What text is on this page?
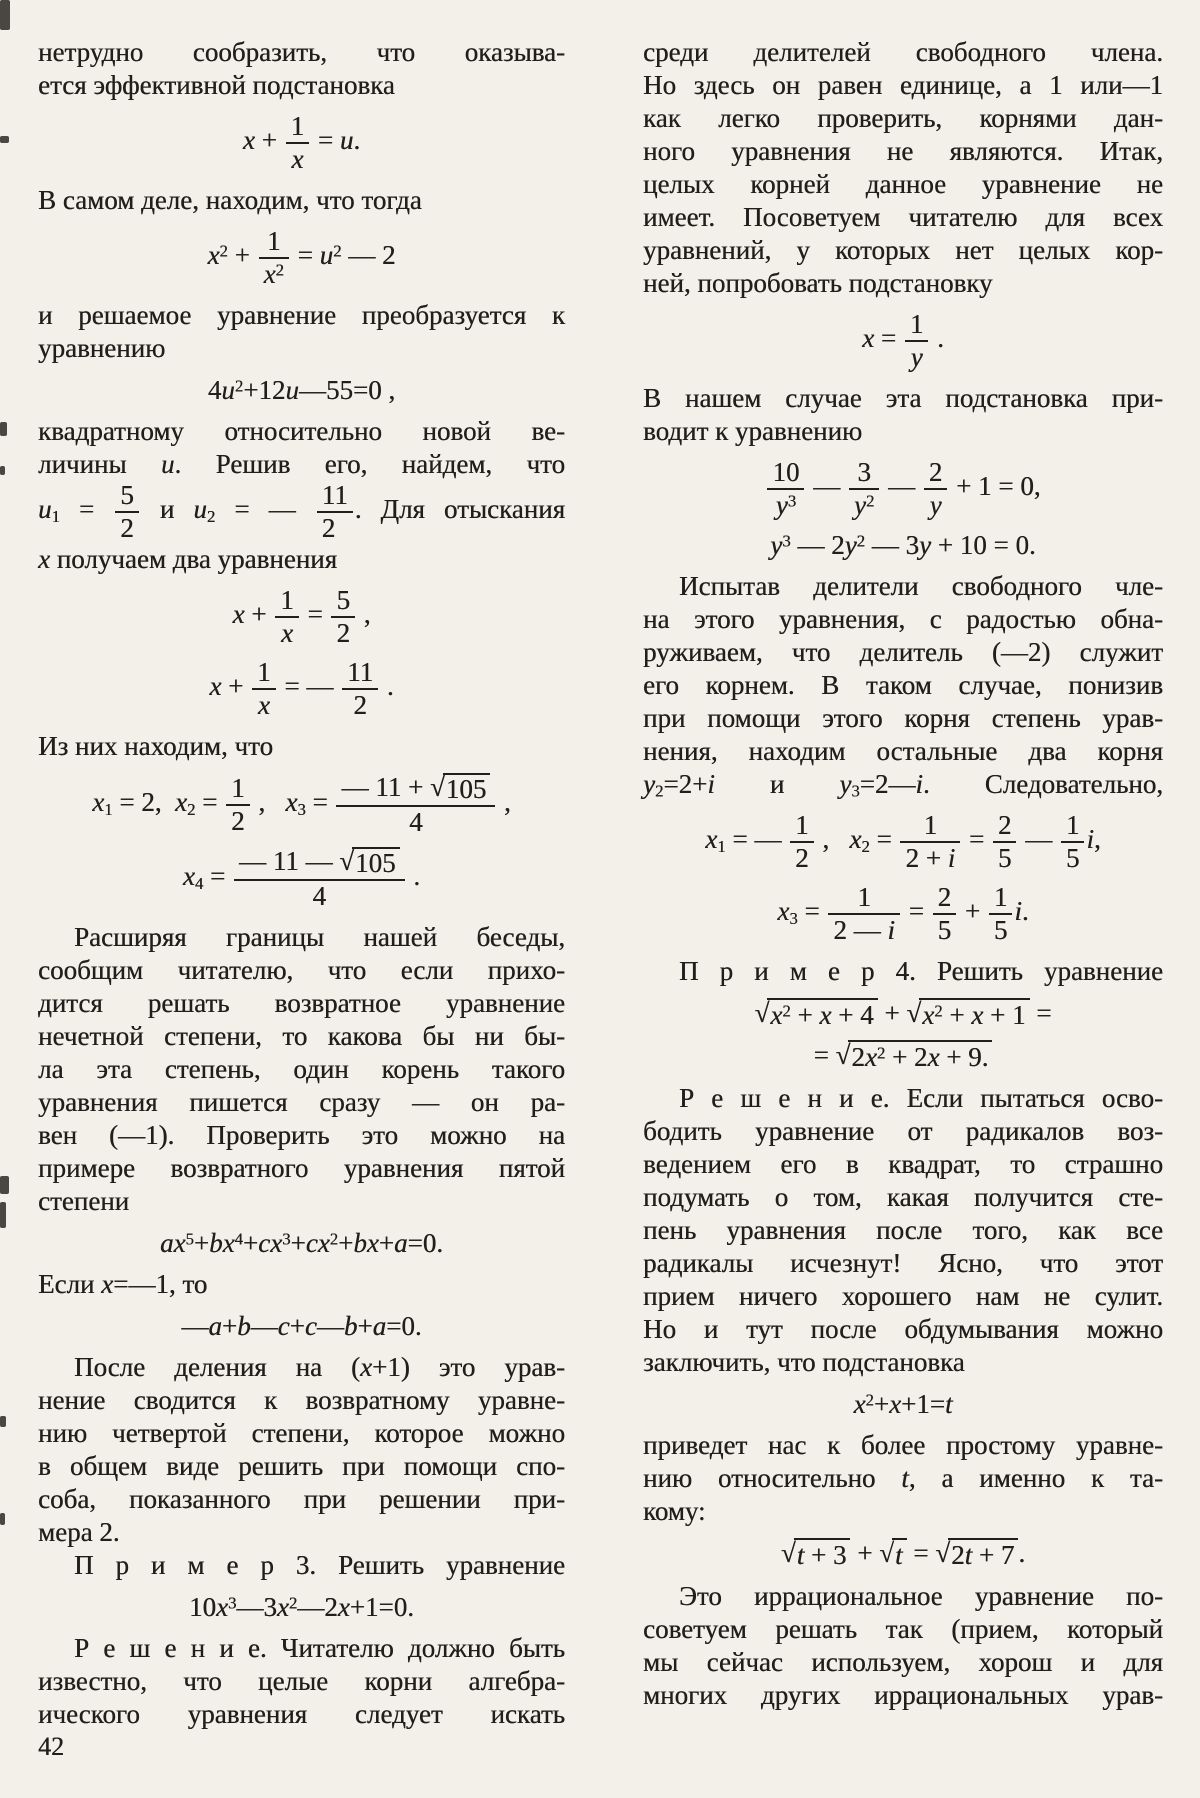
нетрудно сообразить, что оказыва-
ется эффективной подстановка
$x + \frac{1}{x} = u$.
В самом деле, находим, что тогда
$x^2 + \frac{1}{x^2} = u^2$ — 2
и решаемое уравнение преобразуется к
уравнению
$4u^2+12u—55=0$ ,
квадратному относительно новой ве-
личины u. Решив его, найдем, что
$u_1 = \frac{5}{2}$ и $u_2$ = — $\frac{11}{2}$ . Для отыскания
x получаем два уравнения
$x + \frac{1}{x} = \frac{5}{2}$ ,
$x + \frac{1}{x}$ = — $\frac{11}{2}$ .
Из них находим, что
$x_1 = 2$,  $x_2 = \frac{1}{2}$ ,   $x_3 = \frac{— 11 + √105}{4}$ ,
$x_4 = \frac{— 11 — √105}{4}$ .
Расширяя границы нашей беседы,
сообщим читателю, что если прихо-
дится решать возвратное уравнение
нечетной степени, то какова бы ни бы-
ла эта степень, один корень такого
уравнения пишется сразу — он ра-
вен (—1). Проверить это можно на
примере возвратного уравнения пятой
степени
$ax^5+bx^4+cx^3+cx^2+bx+a=0$.
Если x=—1, то
—a+b—c+c—b+a=0.
После деления на (x+1) это урав-
нение сводится к возвратному уравне-
нию четвертой степени, которое можно
в общем виде решить при помощи спо-
соба, показанного при решении при-
мера 2.
П р и м е р 3. Решить уравнение
$10x^3—3x^2—2x+1=0$.
Р е ш е н и е. Читателю должно быть
известно, что целые корни алгебра-
ического уравнения следует искать
среди делителей свободного члена.
Но здесь он равен единице, а 1 или—1
как легко проверить, корнями дан-
ного уравнения не являются. Итак,
целых корней данное уравнение не
имеет. Посоветуем читателю для всех
уравнений, у которых нет целых кор-
ней, попробовать подстановку
$x = \frac{1}{y}$ .
В нашем случае эта подстановка при-
водит к уравнению
$\frac{10}{y^3}$ — $\frac{3}{y^2}$ — $\frac{2}{y} + 1 = 0$,
$y^3$ — $2y^2$ — 3y + 10 = 0.
Испытав делители свободного чле-
на этого уравнения, с радостью обна-
руживаем, что делитель (—2) служит
его корнем. В таком случае, понизив
при помощи этого корня степень урав-
нения, находим остальные два корня
$y_2=2+i$ и $y_3=2—i$. Следовательно,
$x_1$ = — $\frac{1}{2}$ ,   $x_2 = \frac{1}{2 + i} = \frac{2}{5}$ — $\frac{1}{5} i$,
$x_3 = \frac{1}{2 — i} = \frac{2}{5} + \frac{1}{5} i$.
П р и м е р 4. Решить уравнение
$√x^2 + x + 4 + √x^2 + x + 1$ =
= $√2x^2 + 2x + 9$.
Р е ш е н и е. Если пытаться осво-
бодить уравнение от радикалов воз-
ведением его в квадрат, то страшно
подумать о том, какая получится сте-
пень уравнения после того, как все
радикалы исчезнут! Ясно, что этот
прием ничего хорошего нам не сулит.
Но и тут после обдумывания можно
заключить, что подстановка
$x^2+x+1=t$
приведет нас к более простому уравне-
нию относительно t, а именно к та-
кому:
√t + 3 + √t = √2t + 7 .
Это иррациональное уравнение по-
советуем решать так (прием, который
мы сейчас используем, хорош и для
многих других иррациональных урав-
42
